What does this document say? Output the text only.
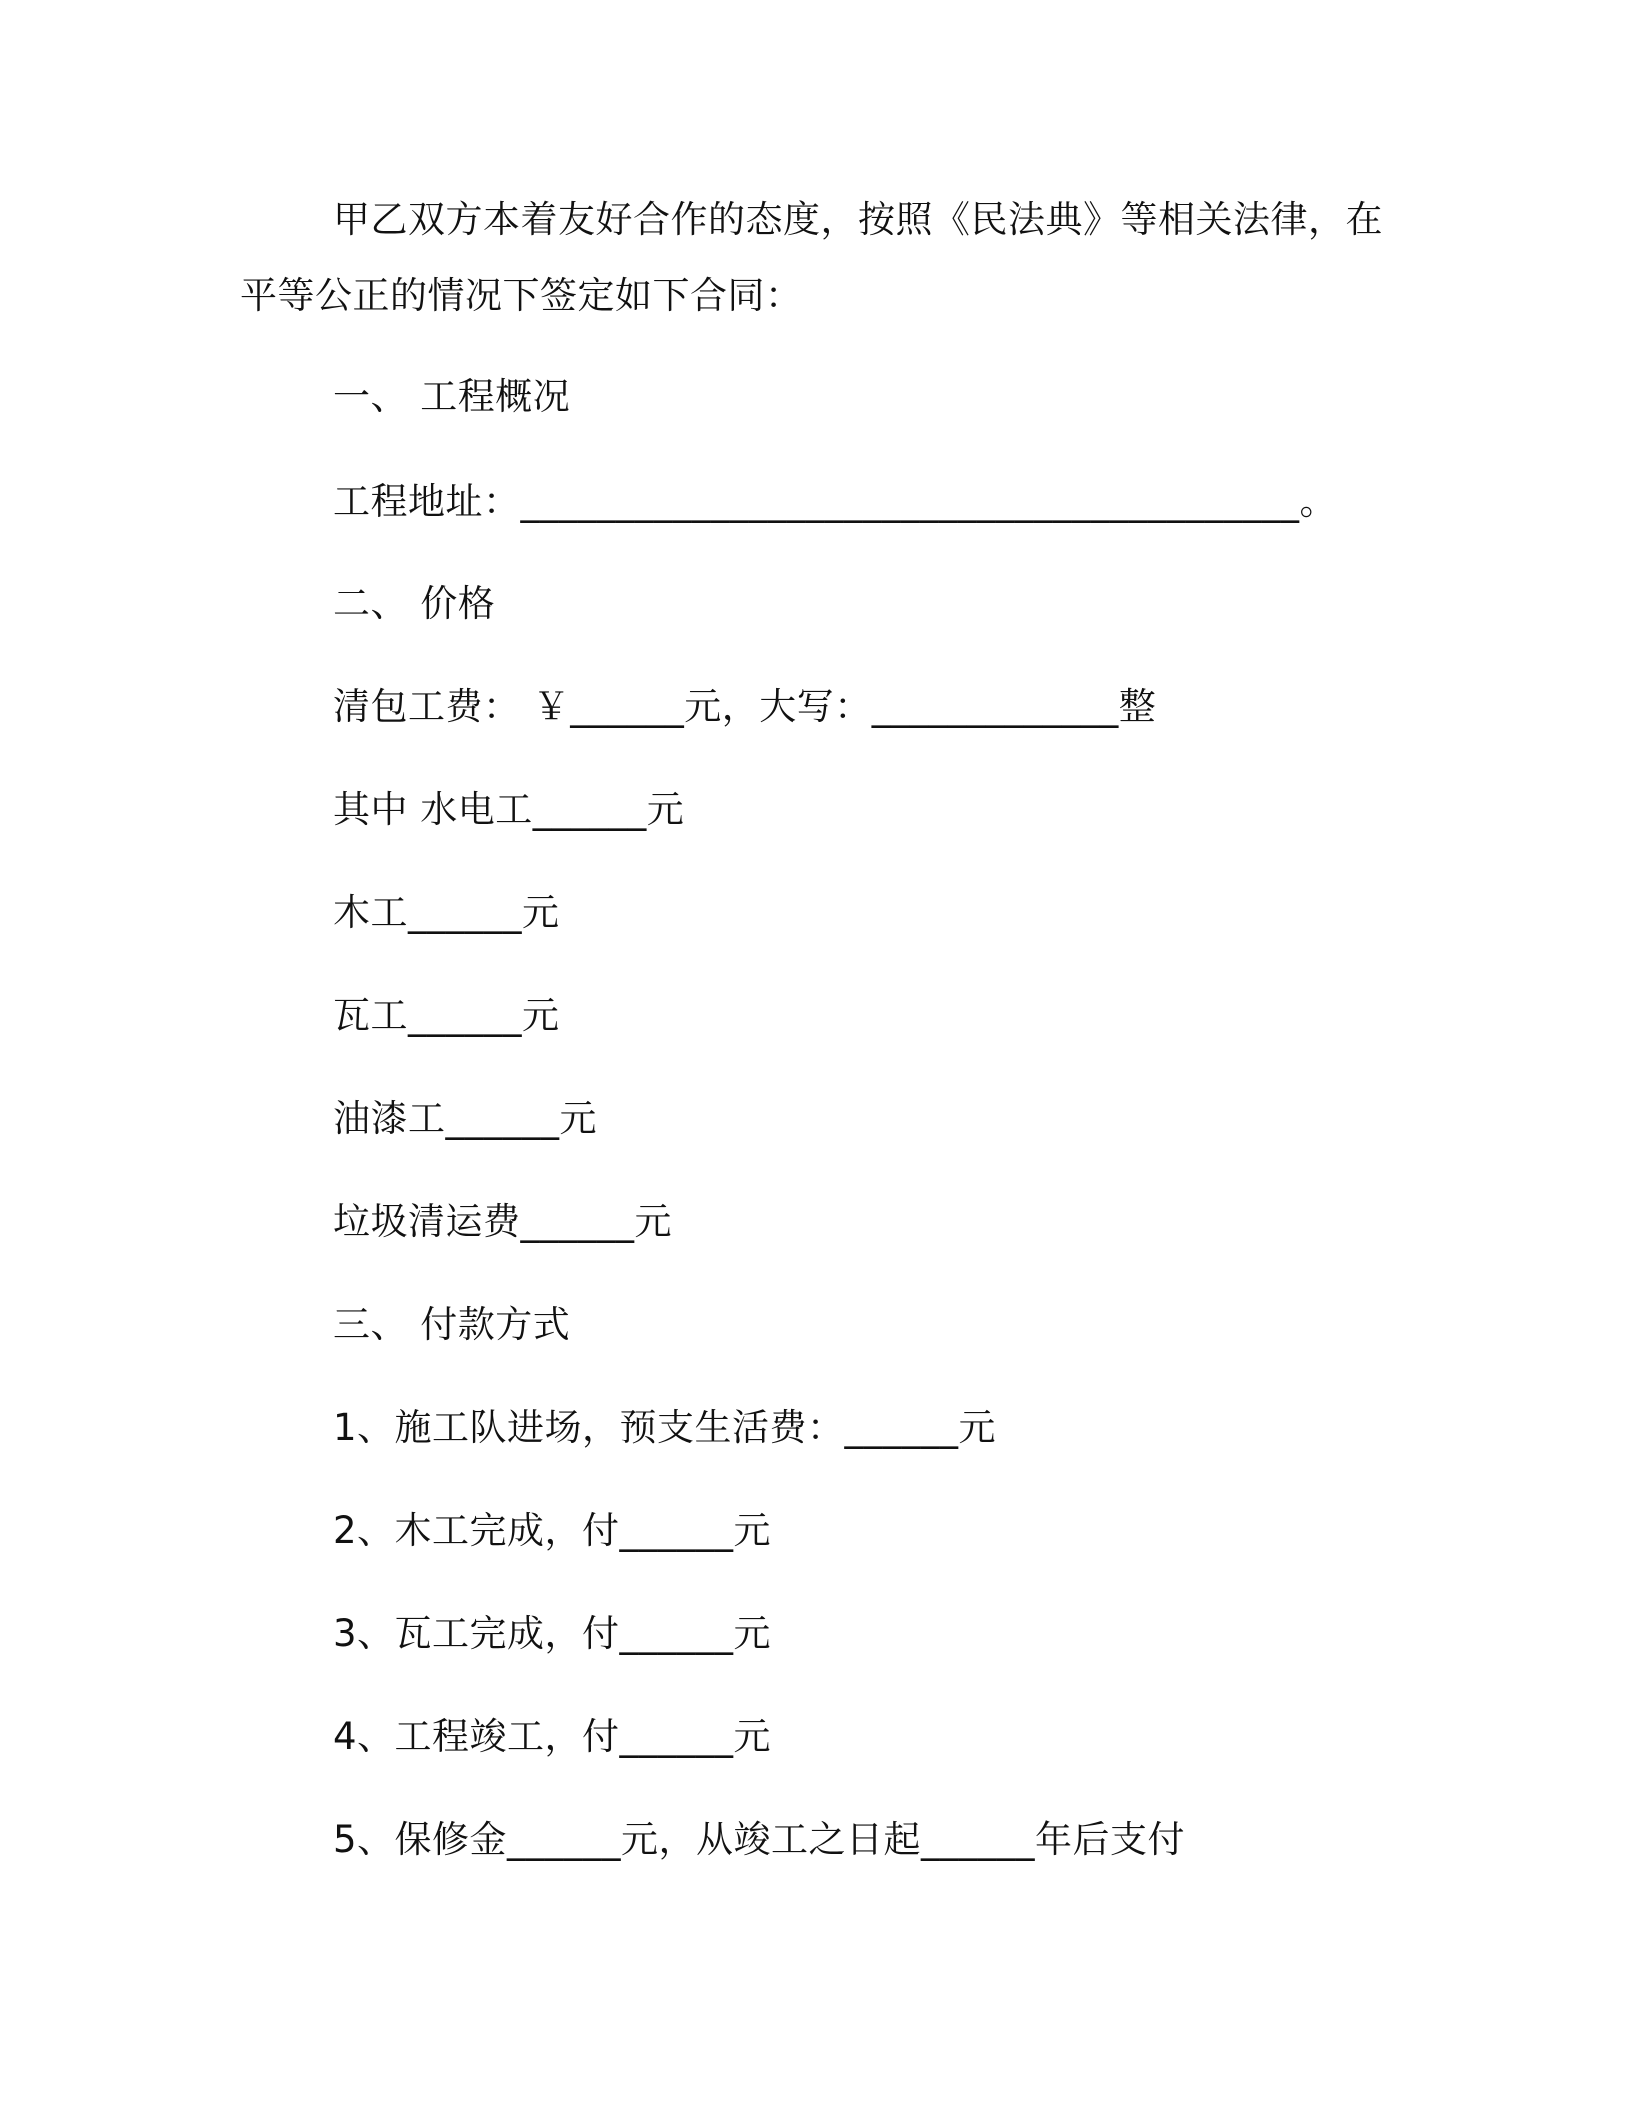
甲乙双方本着友好合作的态度，按照《民法典》等相关法律，在
平等公正的情况下签定如下合同：
一、 工程概况
工程地址：_________________________________________。
二、 价格
清包工费： ￥______元，大写：_____________整
其中 水电工______元
木工______元
瓦工______元
油漆工______元
垃圾清运费______元
三、 付款方式
1、施工队进场，预支生活费：______元
2、木工完成，付______元
3、瓦工完成，付______元
4、工程竣工，付______元
5、保修金______元，从竣工之日起______年后支付
